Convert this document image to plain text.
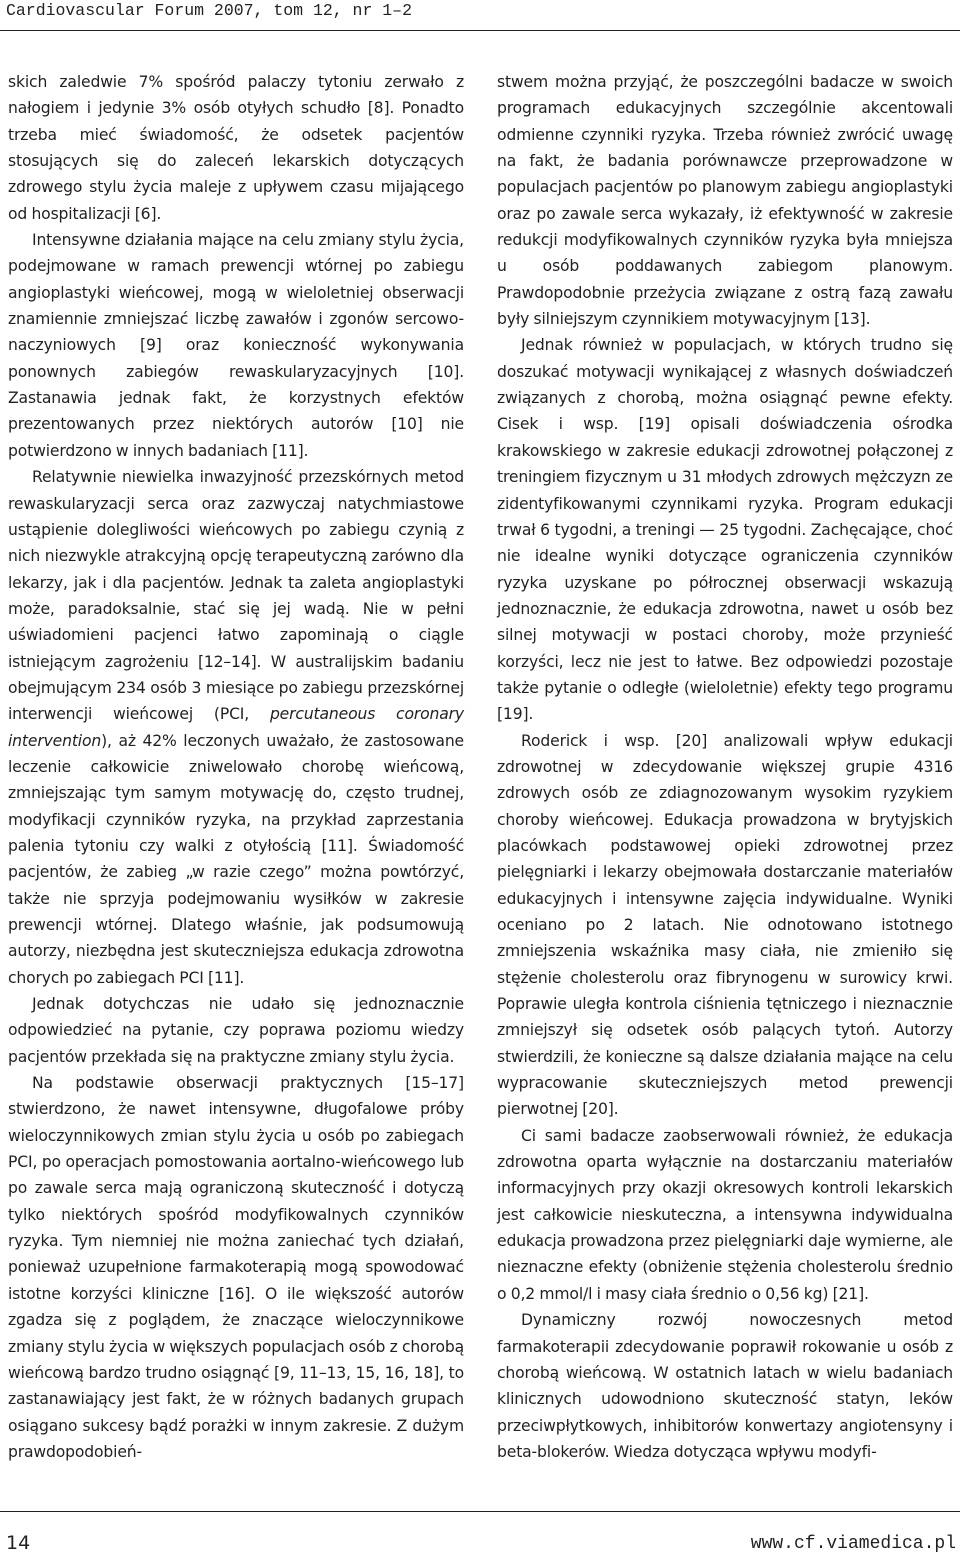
Cardiovascular Forum 2007, tom 12, nr 1–2

skich zaledwie 7% spośród palaczy tytoniu zerwało z nałogiem i jedynie 3% osób otyłych schudło [8]. Ponadto trzeba mieć świadomość, że odsetek pacjentów stosujących się do zaleceń lekarskich dotyczących zdrowego stylu życia maleje z upływem czasu mijającego od hospitalizacji [6].

Intensywne działania mające na celu zmiany stylu życia, podejmowane w ramach prewencji wtórnej po zabiegu angioplastyki wieńcowej, mogą w wieloletniej obserwacji znamiennie zmniejszać liczbę zawałów i zgonów sercowo-naczyniowych [9] oraz konieczność wykonywania ponownych zabiegów rewaskularyzacyjnych [10]. Zastanawia jednak fakt, że korzystnych efektów prezentowanych przez niektórych autorów [10] nie potwierdzono w innych badaniach [11].

Relatywnie niewielka inwazyjność przezskórnych metod rewaskularyzacji serca oraz zazwyczaj natychmiastowe ustąpienie dolegliwości wieńcowych po zabiegu czynią z nich niezwykle atrakcyjną opcję terapeutyczną zarówno dla lekarzy, jak i dla pacjentów. Jednak ta zaleta angioplastyki może, paradoksalnie, stać się jej wadą. Nie w pełni uświadomieni pacjenci łatwo zapominają o ciągle istniejącym zagrożeniu [12–14]. W australijskim badaniu obejmującym 234 osób 3 miesiące po zabiegu przezskórnej interwencji wieńcowej (PCI, percutaneous coronary intervention), aż 42% leczonych uważało, że zastosowane leczenie całkowicie zniwelowało chorobę wieńcową, zmniejszając tym samym motywację do, często trudnej, modyfikacji czynników ryzyka, na przykład zaprzestania palenia tytoniu czy walki z otyłością [11]. Świadomość pacjentów, że zabieg „w razie czego” można powtórzyć, także nie sprzyja podejmowaniu wysiłków w zakresie prewencji wtórnej. Dlatego właśnie, jak podsumowują autorzy, niezbędna jest skuteczniejsza edukacja zdrowotna chorych po zabiegach PCI [11].

Jednak dotychczas nie udało się jednoznacznie odpowiedzieć na pytanie, czy poprawa poziomu wiedzy pacjentów przekłada się na praktyczne zmiany stylu życia.

Na podstawie obserwacji praktycznych [15–17] stwierdzono, że nawet intensywne, długofalowe próby wieloczynnikowych zmian stylu życia u osób po zabiegach PCI, po operacjach pomostowania aortalno-wieńcowego lub po zawale serca mają ograniczoną skuteczność i dotyczą tylko niektórych spośród modyfikowalnych czynników ryzyka. Tym niemniej nie można zaniechać tych działań, ponieważ uzupełnione farmakoterapią mogą spowodować istotne korzyści kliniczne [16]. O ile większość autorów zgadza się z poglądem, że znaczące wieloczynnikowe zmiany stylu życia w większych populacjach osób z chorobą wieńcową bardzo trudno osiągnąć [9, 11–13, 15, 16, 18], to zastanawiający jest fakt, że w różnych badanych grupach osiągano sukcesy bądź porażki w innym zakresie. Z dużym prawdopodobień-

stwem można przyjąć, że poszczególni badacze w swoich programach edukacyjnych szczególnie akcentowali odmienne czynniki ryzyka. Trzeba również zwrócić uwagę na fakt, że badania porównawcze przeprowadzone w populacjach pacjentów po planowym zabiegu angioplastyki oraz po zawale serca wykazały, iż efektywność w zakresie redukcji modyfikowalnych czynników ryzyka była mniejsza u osób poddawanych zabiegom planowym. Prawdopodobnie przeżycia związane z ostrą fazą zawału były silniejszym czynnikiem motywacyjnym [13].

Jednak również w populacjach, w których trudno się doszukać motywacji wynikającej z własnych doświadczeń związanych z chorobą, można osiągnąć pewne efekty. Cisek i wsp. [19] opisali doświadczenia ośrodka krakowskiego w zakresie edukacji zdrowotnej połączonej z treningiem fizycznym u 31 młodych zdrowych mężczyzn ze zidentyfikowanymi czynnikami ryzyka. Program edukacji trwał 6 tygodni, a treningi — 25 tygodni. Zachęcające, choć nie idealne wyniki dotyczące ograniczenia czynników ryzyka uzyskane po półrocznej obserwacji wskazują jednoznacznie, że edukacja zdrowotna, nawet u osób bez silnej motywacji w postaci choroby, może przynieść korzyści, lecz nie jest to łatwe. Bez odpowiedzi pozostaje także pytanie o odległe (wieloletnie) efekty tego programu [19].

Roderick i wsp. [20] analizowali wpływ edukacji zdrowotnej w zdecydowanie większej grupie 4316 zdrowych osób ze zdiagnozowanym wysokim ryzykiem choroby wieńcowej. Edukacja prowadzona w brytyjskich placówkach podstawowej opieki zdrowotnej przez pielęgniarki i lekarzy obejmowała dostarczanie materiałów edukacyjnych i intensywne zajęcia indywidualne. Wyniki oceniano po 2 latach. Nie odnotowano istotnego zmniejszenia wskaźnika masy ciała, nie zmieniło się stężenie cholesterolu oraz fibrynogenu w surowicy krwi. Poprawie uległa kontrola ciśnienia tętniczego i nieznacznie zmniejszył się odsetek osób palących tytoń. Autorzy stwierdzili, że konieczne są dalsze działania mające na celu wypracowanie skuteczniejszych metod prewencji pierwotnej [20].

Ci sami badacze zaobserwowali również, że edukacja zdrowotna oparta wyłącznie na dostarczaniu materiałów informacyjnych przy okazji okresowych kontroli lekarskich jest całkowicie nieskuteczna, a intensywna indywidualna edukacja prowadzona przez pielęgniarki daje wymierne, ale nieznaczne efekty (obniżenie stężenia cholesterolu średnio o 0,2 mmol/l i masy ciała średnio o 0,56 kg) [21].

Dynamiczny rozwój nowoczesnych metod farmakoterapii zdecydowanie poprawił rokowanie u osób z chorobą wieńcową. W ostatnich latach w wielu badaniach klinicznych udowodniono skuteczność statyn, leków przeciwpłytkowych, inhibitorów konwertazy angiotensyny i beta-blokerów. Wiedza dotycząca wpływu modyfi-

14	www.cf.viamedica.pl
